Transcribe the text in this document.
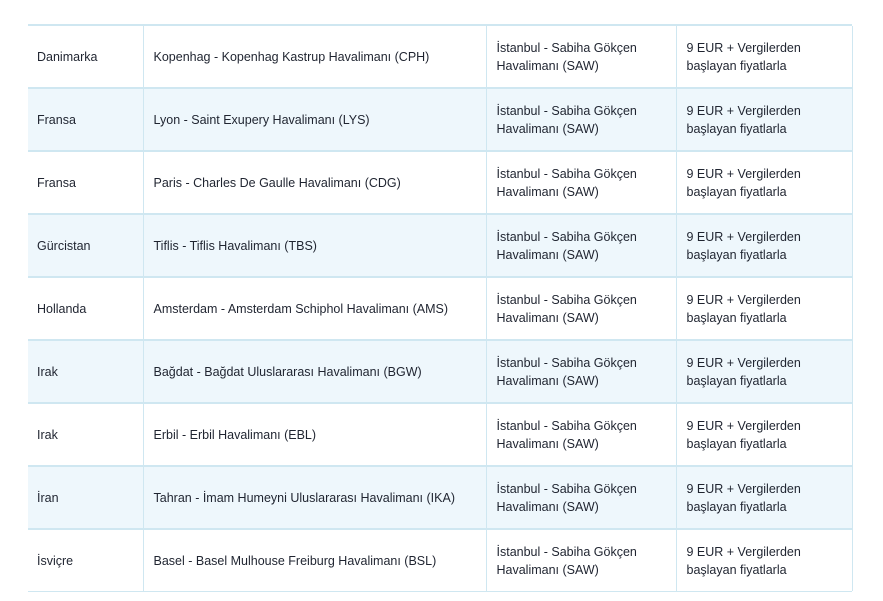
Danimarka	Kopenhag - Kopenhag Kastrup Havalimanı (CPH)	İstanbul - Sabiha Gökçen
Havalimanı (SAW)	9 EUR + Vergilerden
başlayan fiyatlarla
Fransa	Lyon - Saint Exupery Havalimanı (LYS)	İstanbul - Sabiha Gökçen
Havalimanı (SAW)	9 EUR + Vergilerden
başlayan fiyatlarla
Fransa	Paris - Charles De Gaulle Havalimanı (CDG)	İstanbul - Sabiha Gökçen
Havalimanı (SAW)	9 EUR + Vergilerden
başlayan fiyatlarla
Gürcistan	Tiflis - Tiflis Havalimanı (TBS)	İstanbul - Sabiha Gökçen
Havalimanı (SAW)	9 EUR + Vergilerden
başlayan fiyatlarla
Hollanda	Amsterdam - Amsterdam Schiphol Havalimanı (AMS)	İstanbul - Sabiha Gökçen
Havalimanı (SAW)	9 EUR + Vergilerden
başlayan fiyatlarla
Irak	Bağdat - Bağdat Uluslararası Havalimanı (BGW)	İstanbul - Sabiha Gökçen
Havalimanı (SAW)	9 EUR + Vergilerden
başlayan fiyatlarla
Irak	Erbil - Erbil Havalimanı (EBL)	İstanbul - Sabiha Gökçen
Havalimanı (SAW)	9 EUR + Vergilerden
başlayan fiyatlarla
İran	Tahran - İmam Humeyni Uluslararası Havalimanı (IKA)	İstanbul - Sabiha Gökçen
Havalimanı (SAW)	9 EUR + Vergilerden
başlayan fiyatlarla
İsviçre	Basel - Basel Mulhouse Freiburg Havalimanı (BSL)	İstanbul - Sabiha Gökçen
Havalimanı (SAW)	9 EUR + Vergilerden
başlayan fiyatlarla
